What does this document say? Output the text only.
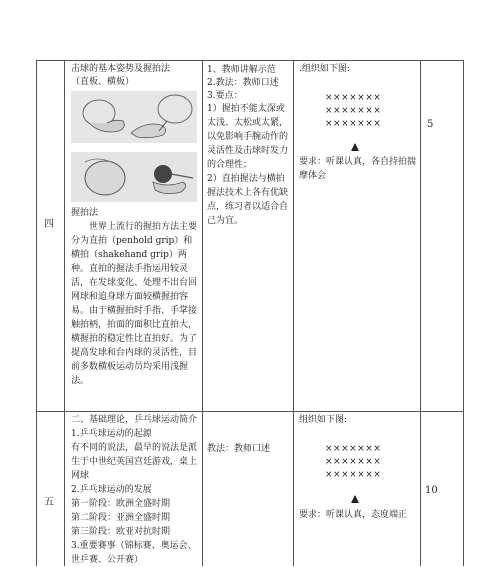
四
击球的基本姿势及握拍法
（直板、横板）
握拍法
世界上流行的握拍方法主要分为直拍（penhold grip）和横拍（shakehand grip）两种。直拍的握法手指运用较灵活，在发球变化、处理不出台回网球和追身球方面较横握拍容易。由于横握拍时手指、手掌接触拍柄，拍面的面积比直拍大，横握拍的稳定性比直拍好。为了提高发球和台内球的灵活性，目前多数横板运动员均采用浅握法。
1、教师讲解示范
2.教法：教师口述
3.要点：
1）握拍不能太深或太浅、太松或太紧，以免影响手腕动作的灵活性及击球时发力的合理性；
2）直拍握法与横拍握法技术上各有优缺点，练习者以适合自己为宜。
.组织如下图:
×××××××
×××××××
×××××××
要求：听课认真，各自持拍揣摩体会
5
五
二、基础理论，乒乓球运动简介
1.乒乓球运动的起源
有不同的说法，最早的说法是派生于中世纪英国宫廷游戏，桌上网球
2.乒乓球运动的发展
第一阶段：欧洲全盛时期
第二阶段：亚洲全盛时期
第三阶段：欧亚对抗时期
3.重要赛事（锦标赛、奥运会、世乒赛、公开赛）
教法：教师口述
组织如下图:
×××××××
×××××××
×××××××
要求：听课认真，态度端正
10
